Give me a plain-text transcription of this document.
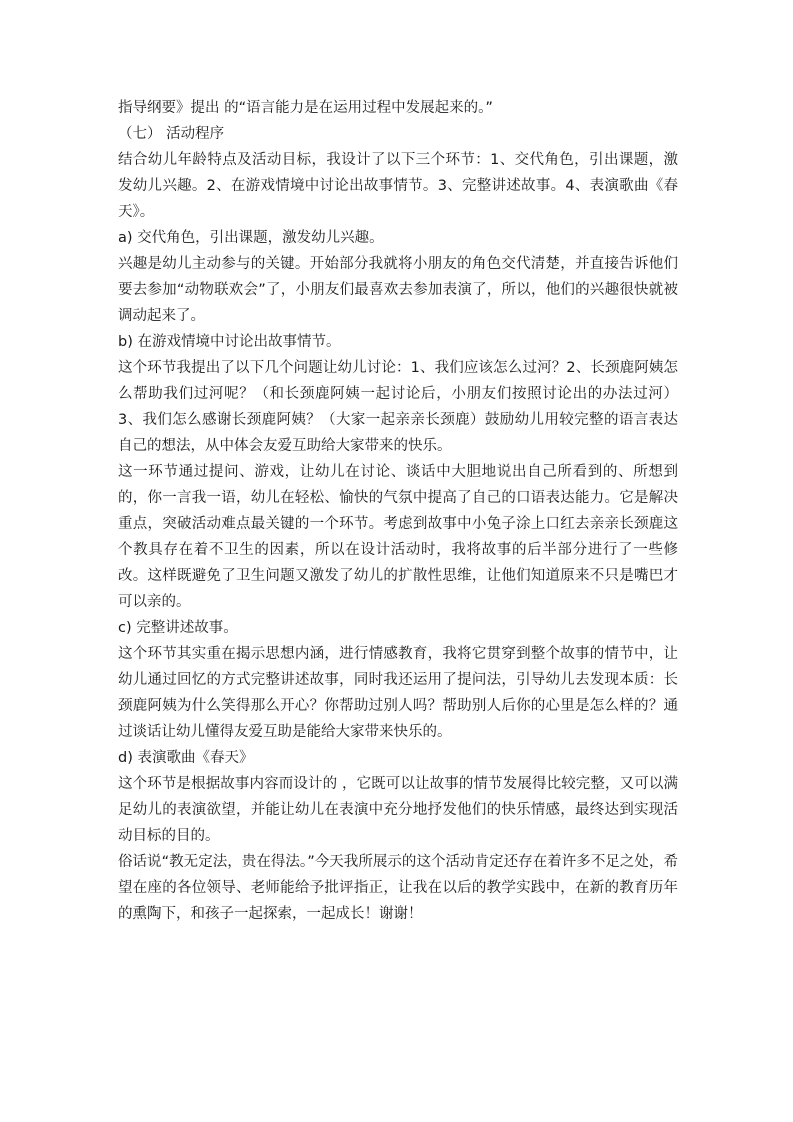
指导纲要》提出 的“语言能力是在运用过程中发展起来的。”

（七） 活动程序

结合幼儿年龄特点及活动目标，我设计了以下三个环节：1、交代角色，引出课题，激发幼儿兴趣。2、在游戏情境中讨论出故事情节。3、完整讲述故事。4、表演歌曲《春天》。

a) 交代角色，引出课题，激发幼儿兴趣。

兴趣是幼儿主动参与的关键。开始部分我就将小朋友的角色交代清楚，并直接告诉他们要去参加“动物联欢会”了，小朋友们最喜欢去参加表演了，所以，他们的兴趣很快就被调动起来了。

b) 在游戏情境中讨论出故事情节。

这个环节我提出了以下几个问题让幼儿讨论：1、我们应该怎么过河？2、长颈鹿阿姨怎么帮助我们过河呢？（和长颈鹿阿姨一起讨论后，小朋友们按照讨论出的办法过河）3、我们怎么感谢长颈鹿阿姨？（大家一起亲亲长颈鹿）鼓励幼儿用较完整的语言表达自己的想法，从中体会友爱互助给大家带来的快乐。

这一环节通过提问、游戏，让幼儿在讨论、谈话中大胆地说出自己所看到的、所想到的，你一言我一语，幼儿在轻松、愉快的气氛中提高了自己的口语表达能力。它是解决重点，突破活动难点最关键的一个环节。考虑到故事中小兔子涂上口红去亲亲长颈鹿这个教具存在着不卫生的因素，所以在设计活动时，我将故事的后半部分进行了一些修改。这样既避免了卫生问题又激发了幼儿的扩散性思维，让他们知道原来不只是嘴巴才可以亲的。

c) 完整讲述故事。

这个环节其实重在揭示思想内涵，进行情感教育，我将它贯穿到整个故事的情节中，让幼儿通过回忆的方式完整讲述故事，同时我还运用了提问法，引导幼儿去发现本质：长颈鹿阿姨为什么笑得那么开心？你帮助过别人吗？帮助别人后你的心里是怎么样的？通过谈话让幼儿懂得友爱互助是能给大家带来快乐的。

d) 表演歌曲《春天》

这个环节是根据故事内容而设计的 ，它既可以让故事的情节发展得比较完整，又可以满足幼儿的表演欲望，并能让幼儿在表演中充分地抒发他们的快乐情感，最终达到实现活动目标的目的。

俗话说“教无定法，贵在得法。”今天我所展示的这个活动肯定还存在着许多不足之处，希望在座的各位领导、老师能给予批评指正，让我在以后的教学实践中，在新的教育历年的熏陶下，和孩子一起探索，一起成长！谢谢！
